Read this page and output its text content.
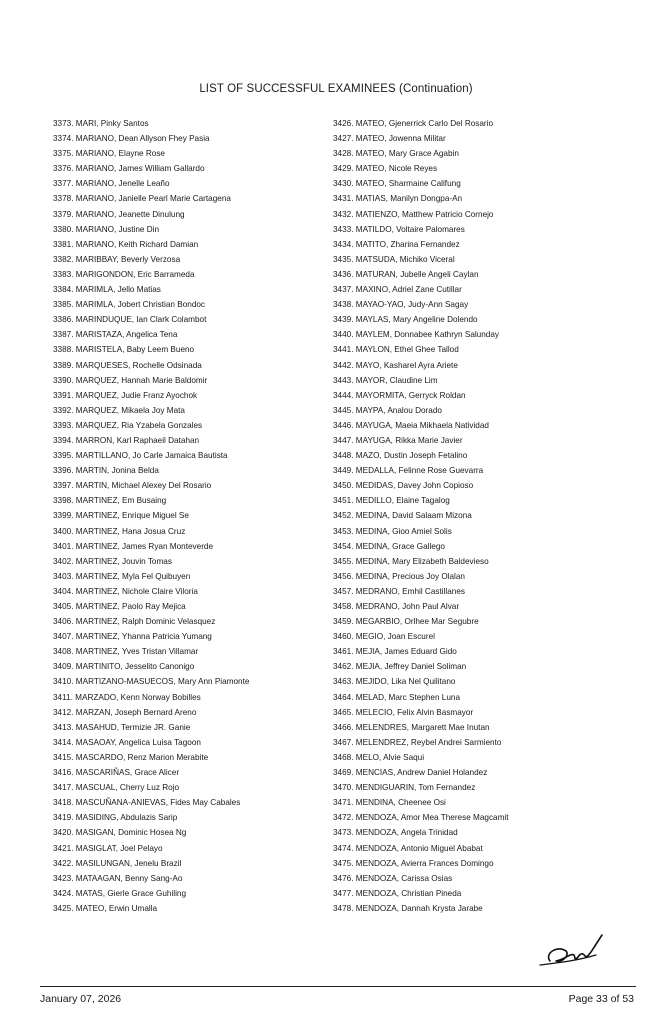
LIST OF SUCCESSFUL EXAMINEES (Continuation)
3373. MARI, Pinky Santos
3374. MARIANO, Dean Allyson Fhey Pasia
3375. MARIANO, Elayne Rose
3376. MARIANO, James William Gallardo
3377. MARIANO, Jenelle Leaño
3378. MARIANO, Janielle Pearl Marie Cartagena
3379. MARIANO, Jeanette Dinulung
3380. MARIANO, Justine Din
3381. MARIANO, Keith Richard Damian
3382. MARIBBAY, Beverly Verzosa
3383. MARIGONDON, Eric Barrameda
3384. MARIMLA, Jello Matias
3385. MARIMLA, Jobert Christian Bondoc
3386. MARINDUQUE, Ian Clark Colambot
3387. MARISTAZA, Angelica Tena
3388. MARISTELA, Baby Leem Bueno
3389. MARQUESES, Rochelle Odsinada
3390. MARQUEZ, Hannah Marie Baldomir
3391. MARQUEZ, Judie Franz Ayochok
3392. MARQUEZ, Mikaela Joy Mata
3393. MARQUEZ, Ria Yzabela Gonzales
3394. MARRON, Karl Raphaeil Datahan
3395. MARTILLANO, Jo Carle Jamaica Bautista
3396. MARTIN, Jonina Belda
3397. MARTIN, Michael Alexey Del Rosario
3398. MARTINEZ, Em Busaing
3399. MARTINEZ, Enrique Miguel Se
3400. MARTINEZ, Hana Josua Cruz
3401. MARTINEZ, James Ryan Monteverde
3402. MARTINEZ, Jouvin Tomas
3403. MARTINEZ, Myla Fel Quibuyen
3404. MARTINEZ, Nichole Claire Viloria
3405. MARTINEZ, Paolo Ray Mejica
3406. MARTINEZ, Ralph Dominic Velasquez
3407. MARTINEZ, Yhanna Patricia Yumang
3408. MARTINEZ, Yves Tristan Villamar
3409. MARTINITO, Jesselito Canonigo
3410. MARTIZANO-MASUECOS, Mary Ann Piamonte
3411. MARZADO, Kenn Norway Bobilles
3412. MARZAN, Joseph Bernard Areno
3413. MASAHUD, Termizie JR. Ganie
3414. MASAOAY, Angelica Luisa Tagoon
3415. MASCARDO, Renz Marion Merabite
3416. MASCARIÑAS, Grace Alicer
3417. MASCUAL, Cherry Luz Rojo
3418. MASCUÑANA-ANIEVAS, Fides May Cabales
3419. MASIDING, Abdulazis Sarip
3420. MASIGAN, Dominic Hosea Ng
3421. MASIGLAT, Joel Pelayo
3422. MASILUNGAN, Jenelu Brazil
3423. MATAAGAN, Benny Sang-Ao
3424. MATAS, Gierle Grace Guhiling
3425. MATEO, Erwin Umalla
3426. MATEO, Gjenerrick Carlo Del Rosario
3427. MATEO, Jowenna Militar
3428. MATEO, Mary Grace Agabin
3429. MATEO, Nicole Reyes
3430. MATEO, Sharmaine Califung
3431. MATIAS, Manilyn Dongpa-An
3432. MATIENZO, Matthew Patricio Cornejo
3433. MATILDO, Voltaire Palomares
3434. MATITO, Zharina Fernandez
3435. MATSUDA, Michiko Viceral
3436. MATURAN, Jubelle Angeli Caylan
3437. MAXINO, Adriel Zane Cutillar
3438. MAYAO-YAO, Judy-Ann Sagay
3439. MAYLAS, Mary Angeline Dolendo
3440. MAYLEM, Donnabee Kathryn Salunday
3441. MAYLON, Ethel Ghee Tallod
3442. MAYO, Kasharel Ayra Ariete
3443. MAYOR, Claudine Lim
3444. MAYORMITA, Gerryck Roldan
3445. MAYPA, Analou Dorado
3446. MAYUGA, Maeia Mikhaela Natividad
3447. MAYUGA, Rikka Marie Javier
3448. MAZO, Dustin Joseph Fetalino
3449. MEDALLA, Felinne Rose Guevarra
3450. MEDIDAS, Davey John Copioso
3451. MEDILLO, Elaine Tagalog
3452. MEDINA, David Salaam Mizona
3453. MEDINA, Gioo Amiel Solis
3454. MEDINA, Grace Gallego
3455. MEDINA, Mary Elizabeth Baldevieso
3456. MEDINA, Precious Joy Olalan
3457. MEDRANO, Emhil Castillanes
3458. MEDRANO, John Paul Alvar
3459. MEGARBIO, Orlhee Mar Segubre
3460. MEGIO, Joan Escurel
3461. MEJIA, James Eduard Gido
3462. MEJIA, Jeffrey Daniel Soliman
3463. MEJIDO, Lika Nel Quilitano
3464. MELAD, Marc Stephen Luna
3465. MELECIO, Felix Alvin Basmayor
3466. MELENDRES, Margarett Mae Inutan
3467. MELENDREZ, Reybel Andrei Sarmiento
3468. MELO, Alvie Saqui
3469. MENCIAS, Andrew Daniel Holandez
3470. MENDIGUARIN, Tom Fernandez
3471. MENDINA, Cheenee Osi
3472. MENDOZA, Amor Mea Therese Magcamit
3473. MENDOZA, Angela Trinidad
3474. MENDOZA, Antonio Miguel Ababat
3475. MENDOZA, Avierra Frances Domingo
3476. MENDOZA, Carissa Osias
3477. MENDOZA, Christian Pineda
3478. MENDOZA, Dannah Krysta Jarabe
January 07, 2026	Page 33 of 53
